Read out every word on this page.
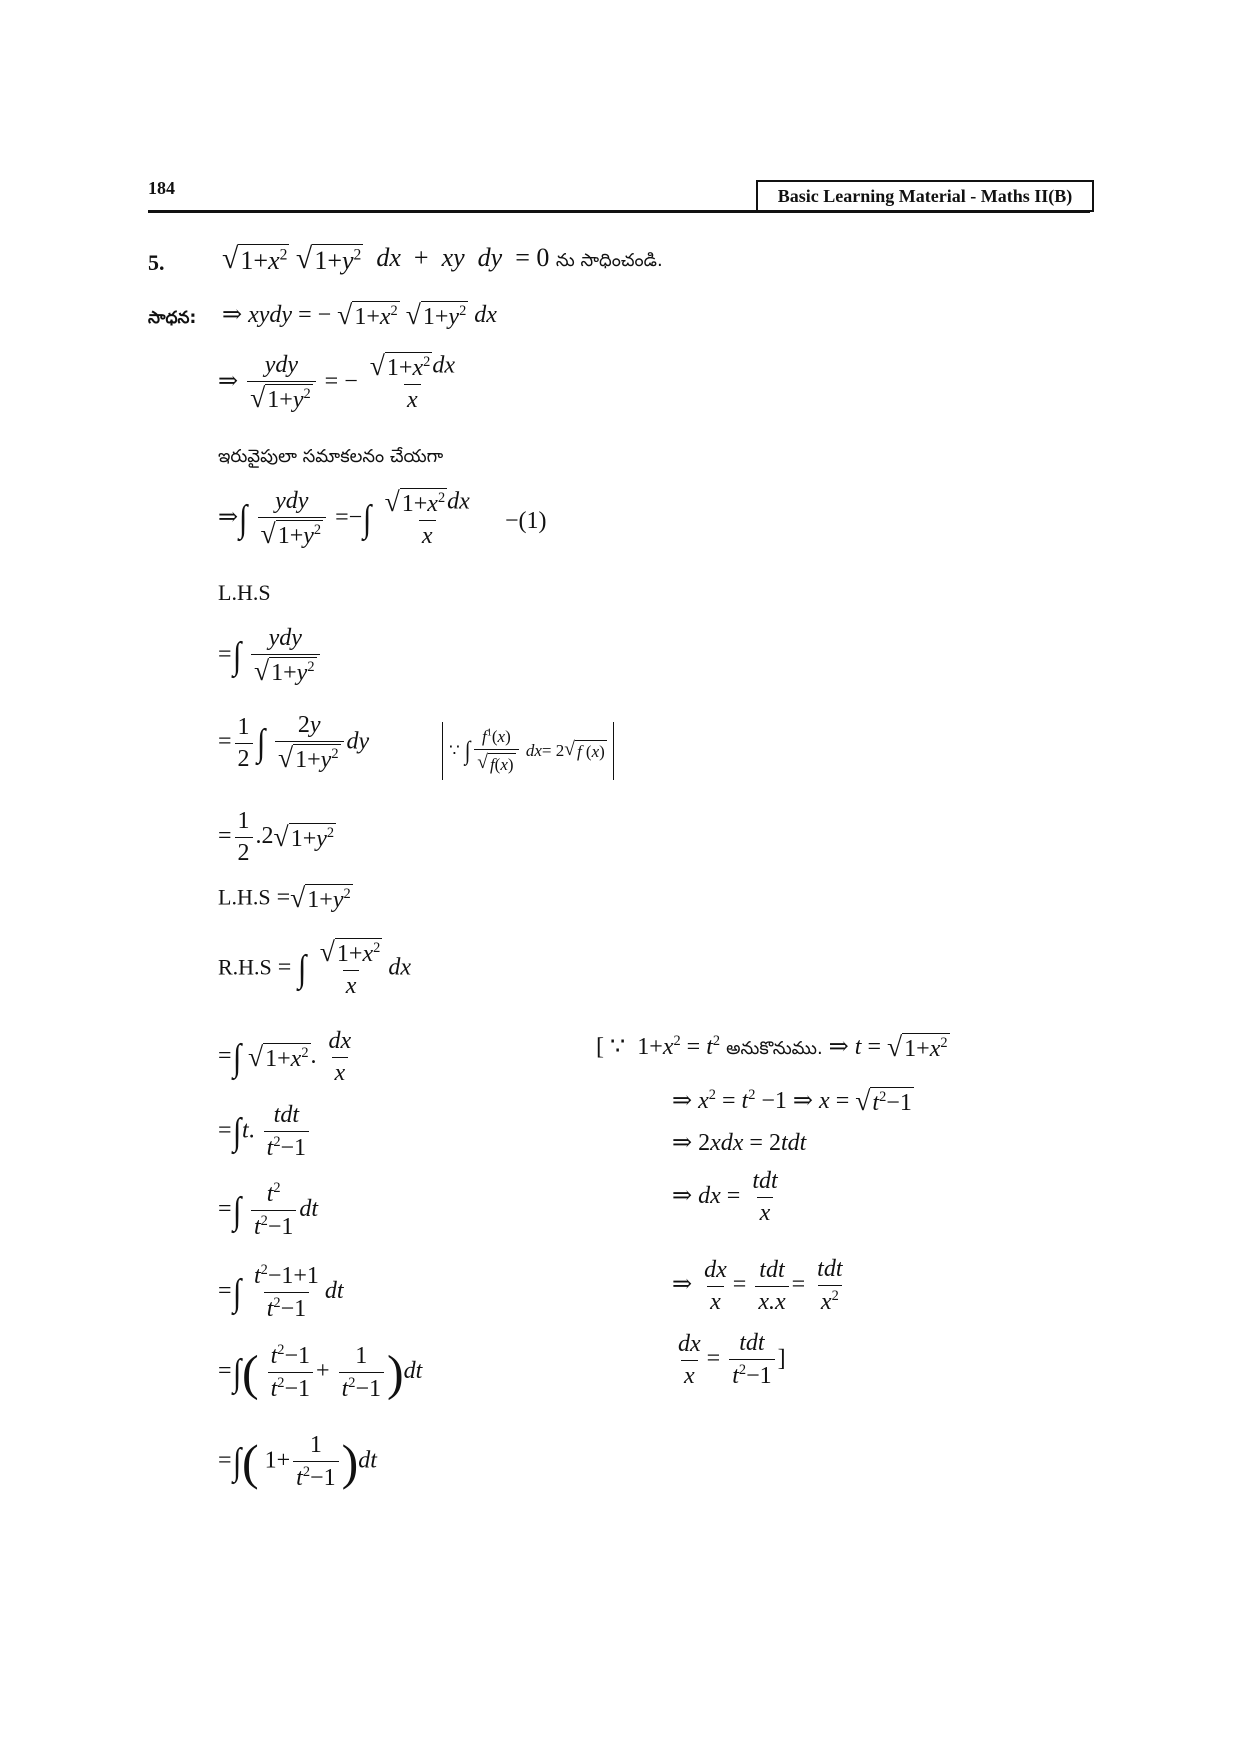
184	Basic Learning Material - Maths II(B)
5. √ $1+x^2$
√ $1+y^2$ dx + xy dy = 0 ను సాధించండి.
సాధన: ⇒ xydy = − √ $1+x^2$
√ $1+y^2$ dx
⇒ $\frac{\text{ydy}}{√ 1+y^2}$ = − $\frac{√ 1+x^2 dx}{x}$
ఇరువైపులా సమాకలనం చేయగా
⇒∫ $\frac{\text{ydy}}{√ 1+y^2}$ =−∫ $\frac{√ 1+x^2 dx}{x} -(1)$
L.H.S
=∫ $\frac{\text{ydy}}{√ 1+y^2}$
= $\frac{1}{2}$ ∫ $\frac{2y}{√ 1+y^2}$ dy	∵
∫ $\frac{f^1(x)}{√ f(x)}$
dx = 2 √ f (x)
= $\frac{1}{2} .2$ √ $1+y^2$
L.H.S = √ $1+y^2$
R.H.S = ∫ $\frac{√ 1+x^2}{x}$ dx
=∫ √ $1+x^2$ . $\frac{dx}{x}$
=∫t. $\frac{\text{tdt}}{t^2-1}$
=∫ $\frac{t^2}{t^2-1}$ dt
=∫ $\frac{t^2-1+1}{t^2-1}$ dt
=∫( $\frac{t^2-1}{t^2-1} + \frac{1}{t^2-1} )dt$
=∫( $1+ \frac{1}{t^2-1} )dt$
[ ∵ $1+x^2 = t^2$ అనుకొనుము. ⇒ t = √ $1+x^2$
⇒ $x^2 = t^2 -1$ ⇒ x = √ $t^2-1$
⇒ 2xdx = 2tdt
⇒ dx = $\frac{\text{tdt}}{x}$
⇒ $\frac{dx}{x} = \frac{\text{tdt}}{x.x} = \frac{\text{tdt}}{x^2}$
$\frac{dx}{x} = \frac{\text{tdt}}{t^2-1}$ ]
